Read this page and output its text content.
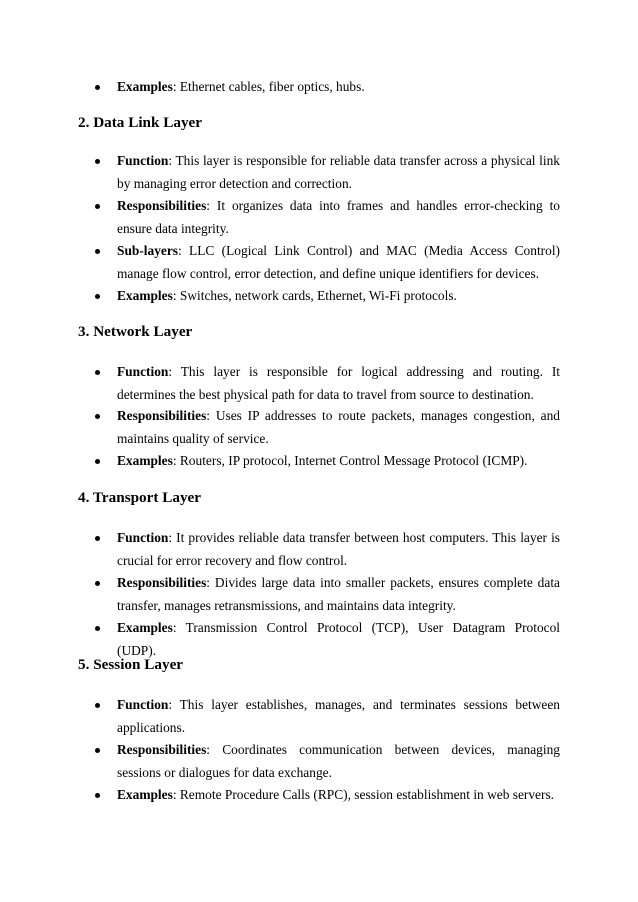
Examples: Ethernet cables, fiber optics, hubs.
2. Data Link Layer
Function: This layer is responsible for reliable data transfer across a physical link by managing error detection and correction.
Responsibilities: It organizes data into frames and handles error-checking to ensure data integrity.
Sub-layers: LLC (Logical Link Control) and MAC (Media Access Control) manage flow control, error detection, and define unique identifiers for devices.
Examples: Switches, network cards, Ethernet, Wi-Fi protocols.
3. Network Layer
Function: This layer is responsible for logical addressing and routing. It determines the best physical path for data to travel from source to destination.
Responsibilities: Uses IP addresses to route packets, manages congestion, and maintains quality of service.
Examples: Routers, IP protocol, Internet Control Message Protocol (ICMP).
4. Transport Layer
Function: It provides reliable data transfer between host computers. This layer is crucial for error recovery and flow control.
Responsibilities: Divides large data into smaller packets, ensures complete data transfer, manages retransmissions, and maintains data integrity.
Examples: Transmission Control Protocol (TCP), User Datagram Protocol (UDP).
5. Session Layer
Function: This layer establishes, manages, and terminates sessions between applications.
Responsibilities: Coordinates communication between devices, managing sessions or dialogues for data exchange.
Examples: Remote Procedure Calls (RPC), session establishment in web servers.
